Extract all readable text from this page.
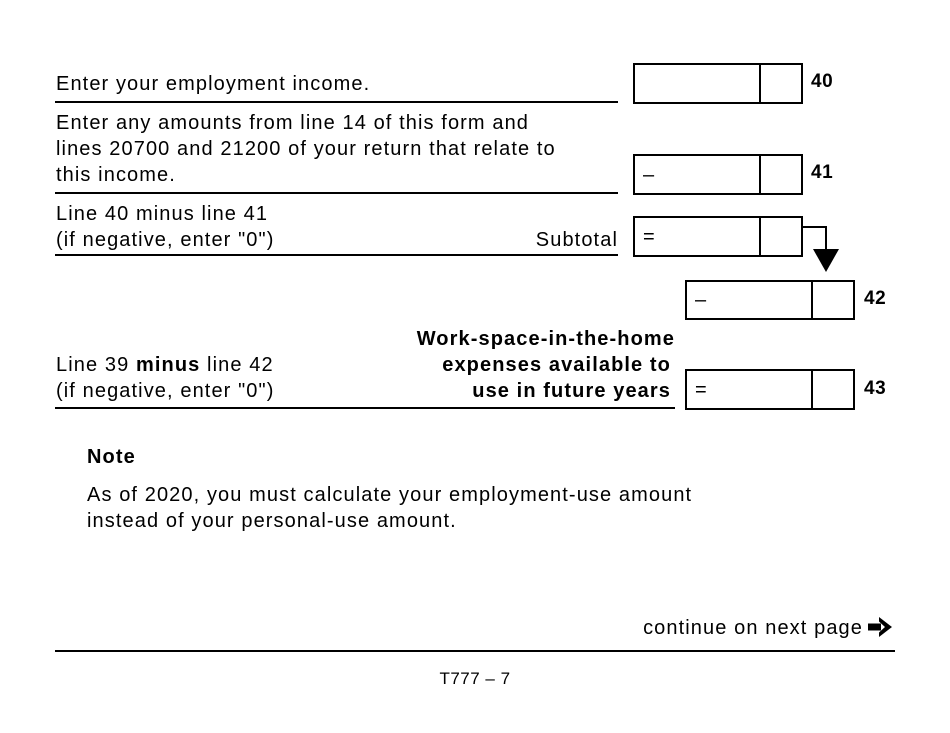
Enter your employment income.	40
Enter any amounts from line 14 of this form and
lines 20700 and 21200 of your return that relate to
this income.	–	41
Line 40 minus line 41
(if negative, enter "0")	Subtotal	=
–	42
Line 39 minus line 42
(if negative, enter "0")
Work-space-in-the-home
expenses available to
use in future years	=	43
Note
As of 2020, you must calculate your employment-use amount
instead of your personal-use amount.
continue on next page
T777 – 7
